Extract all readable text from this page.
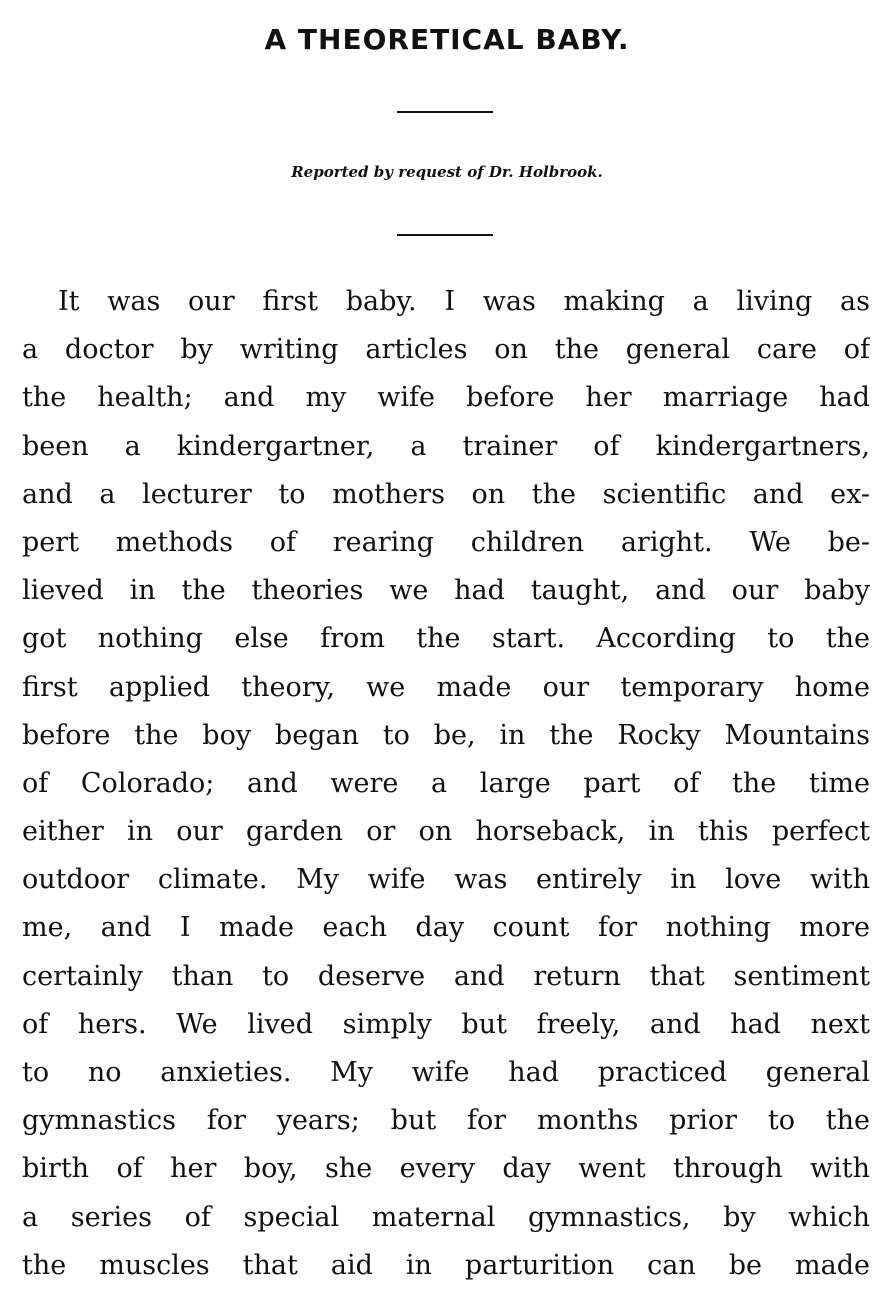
A THEORETICAL BABY.
Reported by request of Dr. Holbrook.
It was our first baby. I was making a living as
a doctor by writing articles on the general care of
the health; and my wife before her marriage had
been a kindergartner, a trainer of kindergartners,
and a lecturer to mothers on the scientific and ex-
pert methods of rearing children aright. We be-
lieved in the theories we had taught, and our baby
got nothing else from the start. According to the
first applied theory, we made our temporary home
before the boy began to be, in the Rocky Mountains
of Colorado; and were a large part of the time
either in our garden or on horseback, in this perfect
outdoor climate. My wife was entirely in love with
me, and I made each day count for nothing more
certainly than to deserve and return that sentiment
of hers. We lived simply but freely, and had next
to no anxieties. My wife had practiced general
gymnastics for years; but for months prior to the
birth of her boy, she every day went through with
a series of special maternal gymnastics, by which
the muscles that aid in parturition can be made
